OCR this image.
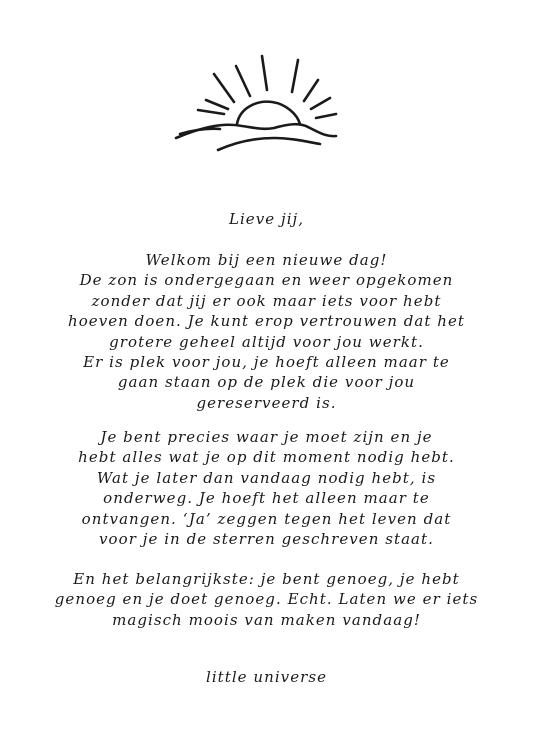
Lieve jij,

Welkom bij een nieuwe dag!
De zon is ondergegaan en weer opgekomen
zonder dat jij er ook maar iets voor hebt
hoeven doen. Je kunt erop vertrouwen dat het
grotere geheel altijd voor jou werkt.
Er is plek voor jou, je hoeft alleen maar te
gaan staan op de plek die voor jou
gereserveerd is.

Je bent precies waar je moet zijn en je
hebt alles wat je op dit moment nodig hebt.
Wat je later dan vandaag nodig hebt, is
onderweg. Je hoeft het alleen maar te
ontvangen. ‘Ja’ zeggen tegen het leven dat
voor je in de sterren geschreven staat.

En het belangrijkste: je bent genoeg, je hebt
genoeg en je doet genoeg. Echt. Laten we er iets
magisch moois van maken vandaag!

little universe
